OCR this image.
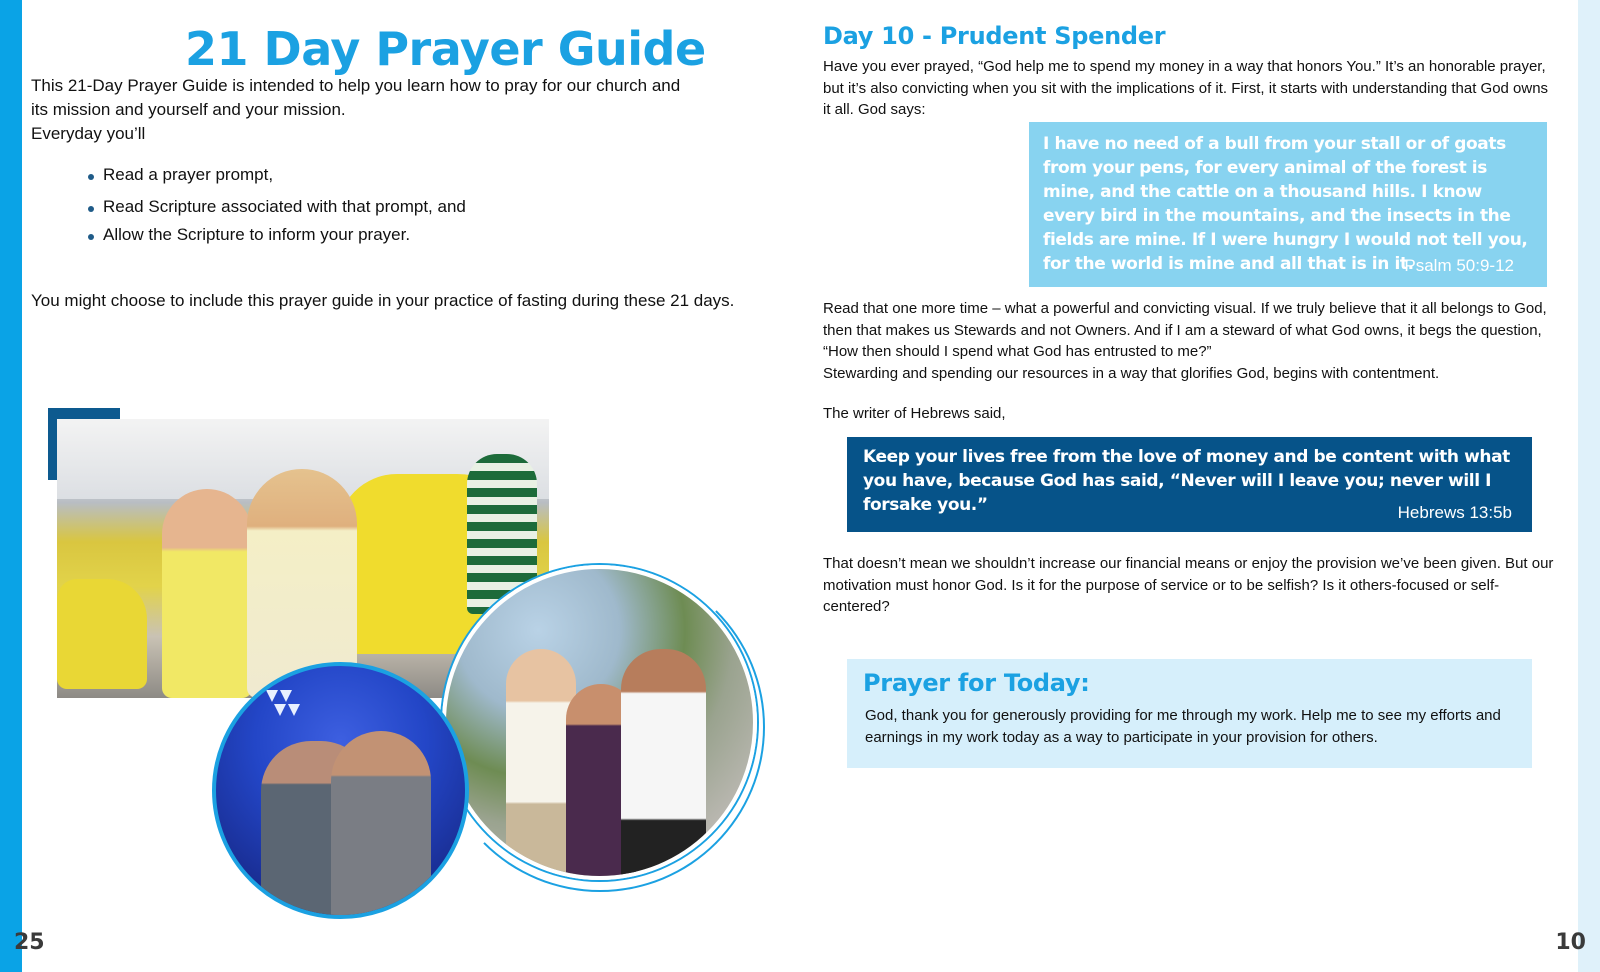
21 Day Prayer Guide
This 21-Day Prayer Guide is intended to help you learn how to pray for our church and
its mission and yourself and your mission.
Everyday you’ll
Read a prayer prompt,
Read Scripture associated with that prompt, and
Allow the Scripture to inform your prayer.
You might choose to include this prayer guide in your practice of fasting during these 21 days.
25
Day 10 - Prudent Spender

Have you ever prayed, “God help me to spend my money in a way that honors You.” It’s an honorable prayer, but it’s also convicting when you sit with the implications of it. First, it starts with understanding that God owns it all. God says:

I have no need of a bull from your stall or of goats from your pens, for every animal of the forest is mine, and the cattle on a thousand hills. I know every bird in the mountains, and the insects in the fields are mine. If I were hungry I would not tell you, for the world is mine and all that is in it.
Psalm 50:9-12
Read that one more time – what a powerful and convicting visual. If we truly believe that it all belongs to God, then that makes us Stewards and not Owners. And if I am a steward of what God owns, it begs the question, “How then should I spend what God has entrusted to me?”
Stewarding and spending our resources in a way that glorifies God, begins with contentment.

The writer of Hebrews said,

Keep your lives free from the love of money and be content with what you have, because God has said, “Never will I leave you; never will I forsake you.”	Hebrews 13:5b

That doesn’t mean we shouldn’t increase our financial means or enjoy the provision we’ve been given. But our motivation must honor God. Is it for the purpose of service or to be selfish? Is it others-focused or self-centered?

Prayer for Today:
God, thank you for generously providing for me through my work. Help me to see my efforts and earnings in my work today as a way to participate in your provision for others.
10
